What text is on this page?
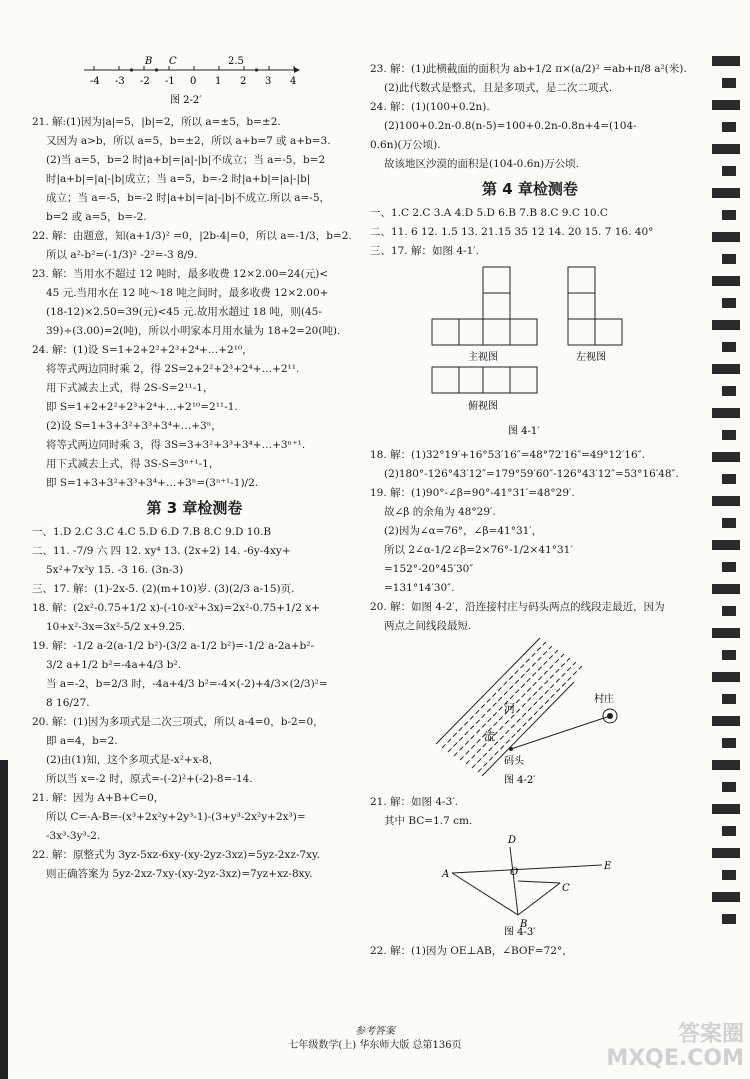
B C	2.5
-4 -3 -2 -1 0 1 2 3 4
图 2-2′
21. 解:(1)因为|a|=5，|b|=2，所以 a=±5，b=±2.
又因为 a>b，所以 a=5，b=±2，所以 a+b=7 或 a+b=3.
(2)当 a=5，b=2 时|a+b|=|a|-|b|不成立；当 a=-5，b=2
时|a+b|=|a|-|b|成立；当 a=5，b=-2 时|a+b|=|a|-|b|
成立；当 a=-5，b=-2 时|a+b|=|a|-|b|不成立.所以 a=-5，
b=2 或 a=5，b=-2.
22. 解：由题意，知(a+1/3)² =0，|2b-4|=0，所以 a=-1/3，b=2.
所以 a²-b²=(-1/3)² -2²=-3 8/9.
23. 解：当用水不超过 12 吨时，最多收费 12×2.00=24(元)<
45 元.当用水在 12 吨～18 吨之间时，最多收费 12×2.00+
(18-12)×2.50=39(元)<45 元.故用水超过 18 吨，则(45-
39)÷(3.00)=2(吨)，所以小明家本月用水量为 18+2=20(吨).
24. 解：(1)设 S=1+2+2²+2³+2⁴+…+2¹⁰，
将等式两边同时乘 2，得 2S=2+2²+2³+2⁴+…+2¹¹.
用下式减去上式，得 2S-S=2¹¹-1，
即 S=1+2+2²+2³+2⁴+…+2¹⁰=2¹¹-1.
(2)设 S=1+3+3²+3³+3⁴+…+3ⁿ，
将等式两边同时乘 3，得 3S=3+3²+3³+3⁴+…+3ⁿ⁺¹.
用下式减去上式，得 3S-S=3ⁿ⁺¹-1，
即 S=1+3+3²+3³+3⁴+…+3ⁿ=(3ⁿ⁺¹-1)/2.
第 3 章检测卷
一、1.D 2.C 3.C 4.C 5.D 6.D 7.B 8.C 9.D 10.B
二、11. -7/9 六 四 12. xy⁴ 13. (2x+2) 14. -6y-4xy+
5x²+7x²y 15. -3 16. (3n-3)
三、17. 解：(1)-2x-5. (2)(m+10)岁. (3)(2/3 a-15)页.
18. 解：(2x²-0.75+1/2 x)-(-10-x²+3x)=2x²-0.75+1/2 x+
10+x²-3x=3x²-5/2 x+9.25.
19. 解：-1/2 a-2(a-1/2 b²)-(3/2 a-1/2 b²)=-1/2 a-2a+b²-
3/2 a+1/2 b²=-4a+4/3 b².
当 a=-2，b=2/3 时，-4a+4/3 b²=-4×(-2)+4/3×(2/3)²=
8 16/27.
20. 解：(1)因为多项式是二次三项式，所以 a-4=0，b-2=0，
即 a=4，b=2.
(2)由(1)知，这个多项式是-x²+x-8，
所以当 x=-2 时，原式=-(-2)²+(-2)-8=-14.
21. 解：因为 A+B+C=0，
所以 C=-A-B=-(x³+2x²y+2y³-1)-(3+y³-2x²y+2x³)=
-3x³-3y³-2.
22. 解：原整式为 3yz-5xz-6xy-(xy-2yz-3xz)=5yz-2xz-7xy.
则正确答案为 5yz-2xz-7xy-(xy-2yz-3xz)=7yz+xz-8xy.
23. 解：(1)此横截面的面积为 ab+1/2 π×(a/2)² =ab+π/8 a²(米).
(2)此代数式是整式，且是多项式，是二次二项式.
24. 解：(1)(100+0.2n).
(2)100+0.2n-0.8(n-5)=100+0.2n-0.8n+4=(104-
0.6n)(万公顷).
故该地区沙漠的面积是(104-0.6n)万公顷.
第 4 章检测卷
一、1.C 2.C 3.A 4.D 5.D 6.B 7.B 8.C 9.C 10.C
二、11. 6 12. 1.5 13. 21.15 35 12 14. 20 15. 7 16. 40°
三、17. 解：如图 4-1′.
主视图	左视图
俯视图
图 4-1′
18. 解：(1)32°19′+16°53′16″=48°72′16″=49°12′16″.
(2)180°-126°43′12″=179°59′60″-126°43′12″=53°16′48″.
19. 解：(1)90°-∠β=90°-41°31′=48°29′.
故∠β 的余角为 48°29′.
(2)因为∠α=76°，∠β=41°31′，
所以 2∠α-1/2∠β=2×76°-1/2×41°31′
=152°-20°45′30″
=131°14′30″.
20. 解：如图 4-2′，沿连接村庄与码头两点的线段走最近，因为
两点之间线段最短.
河
流
村庄
码头
图 4-2′
21. 解：如图 4-3′.
其中 BC=1.7 cm.
A
D
O
C
E
B
图 4-3′
22. 解：(1)因为 OE⊥AB，∠BOF=72°，
参考答案
七年级数学(上) 华东师大版 总第136页	答案圈
MXQE.COM
